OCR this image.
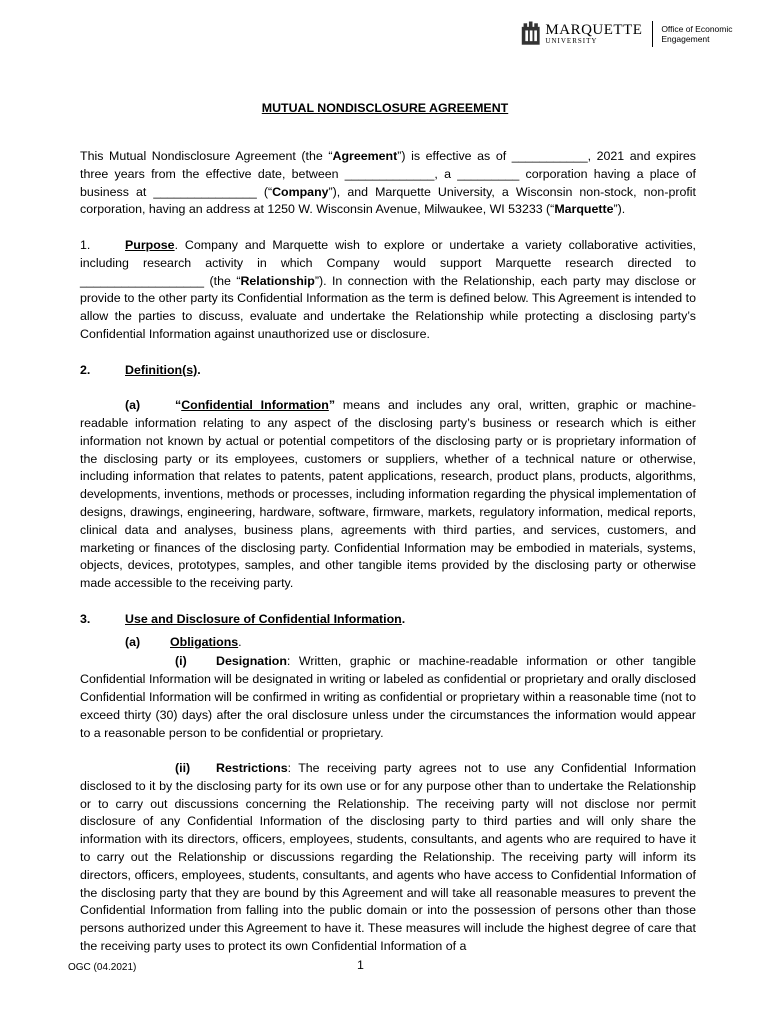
MARQUETTE
UNIVERSITY
Office of Economic Engagement
MUTUAL NONDISCLOSURE AGREEMENT

This Mutual Nondisclosure Agreement (the “Agreement”) is effective as of ___________, 2021 and expires three years from the effective date, between _____________, a _________ corporation having a place of business at _______________ (“Company”), and Marquette University, a Wisconsin non-stock, non-profit corporation, having an address at 1250 W. Wisconsin Avenue, Milwaukee, WI 53233 (“Marquette”).

1.	Purpose. Company and Marquette wish to explore or undertake a variety collaborative activities, including research activity in which Company would support Marquette research directed to __________________ (the “Relationship”). In connection with the Relationship, each party may disclose or provide to the other party its Confidential Information as the term is defined below. This Agreement is intended to allow the parties to discuss, evaluate and undertake the Relationship while protecting a disclosing party’s Confidential Information against unauthorized use or disclosure.

2.	Definition(s).

(a)	“Confidential Information” means and includes any oral, written, graphic or machine-readable information relating to any aspect of the disclosing party’s business or research which is either information not known by actual or potential competitors of the disclosing party or is proprietary information of the disclosing party or its employees, customers or suppliers, whether of a technical nature or otherwise, including information that relates to patents, patent applications, research, product plans, products, algorithms, developments, inventions, methods or processes, including information regarding the physical implementation of designs, drawings, engineering, hardware, software, firmware, markets, regulatory information, medical reports, clinical data and analyses, business plans, agreements with third parties, and services, customers, and marketing or finances of the disclosing party. Confidential Information may be embodied in materials, systems, objects, devices, prototypes, samples, and other tangible items provided by the disclosing party or otherwise made accessible to the receiving party.

3.	Use and Disclosure of Confidential Information.

(a) Obligations.

(i) Designation: Written, graphic or machine-readable information or other tangible Confidential Information will be designated in writing or labeled as confidential or proprietary and orally disclosed Confidential Information will be confirmed in writing as confidential or proprietary within a reasonable time (not to exceed thirty (30) days) after the oral disclosure unless under the circumstances the information would appear to a reasonable person to be confidential or proprietary.

(ii) Restrictions: The receiving party agrees not to use any Confidential Information disclosed to it by the disclosing party for its own use or for any purpose other than to undertake the Relationship or to carry out discussions concerning the Relationship. The receiving party will not disclose nor permit disclosure of any Confidential Information of the disclosing party to third parties and will only share the information with its directors, officers, employees, students, consultants, and agents who are required to have it to carry out the Relationship or discussions regarding the Relationship. The receiving party will inform its directors, officers, employees, students, consultants, and agents who have access to Confidential Information of the disclosing party that they are bound by this Agreement and will take all reasonable measures to prevent the Confidential Information from falling into the public domain or into the possession of persons other than those persons authorized under this Agreement to have it. These measures will include the highest degree of care that the receiving party uses to protect its own Confidential Information of a

OGC (04.2021)	1
